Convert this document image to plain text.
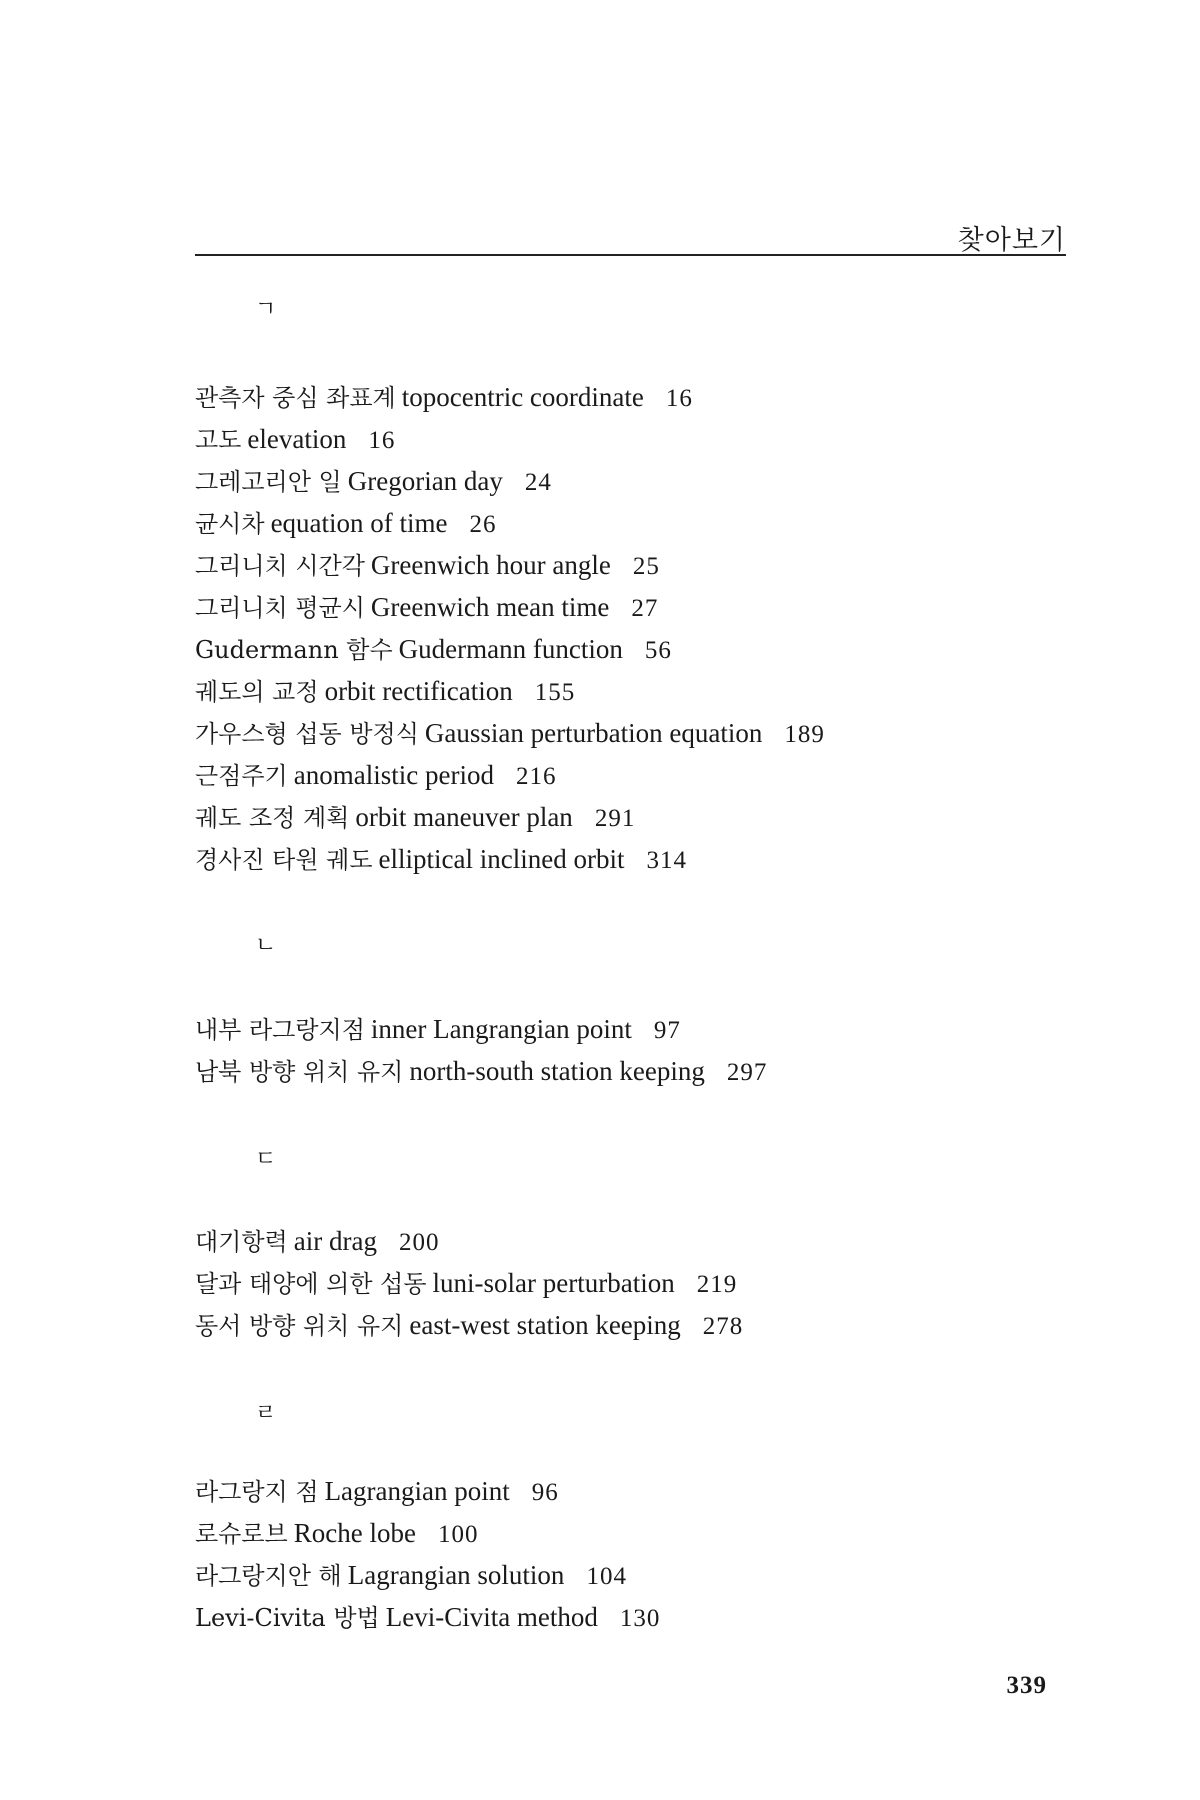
찾아보기
ㄱ
관측자 중심 좌표계 topocentric coordinate 16
고도 elevation 16
그레고리안 일 Gregorian day 24
균시차 equation of time 26
그리니치 시간각 Greenwich hour angle 25
그리니치 평균시 Greenwich mean time 27
Gudermann 함수 Gudermann function 56
궤도의 교정 orbit rectification 155
가우스형 섭동 방정식 Gaussian perturbation equation 189
근점주기 anomalistic period 216
궤도 조정 계획 orbit maneuver plan 291
경사진 타원 궤도 elliptical inclined orbit 314
ㄴ
내부 라그랑지점 inner Langrangian point 97
남북 방향 위치 유지 north-south station keeping 297
ㄷ
대기항력 air drag 200
달과 태양에 의한 섭동 luni-solar perturbation 219
동서 방향 위치 유지 east-west station keeping 278
ㄹ
라그랑지 점 Lagrangian point 96
로슈로브 Roche lobe 100
라그랑지안 해 Lagrangian solution 104
Levi-Civita 방법 Levi-Civita method 130
339
